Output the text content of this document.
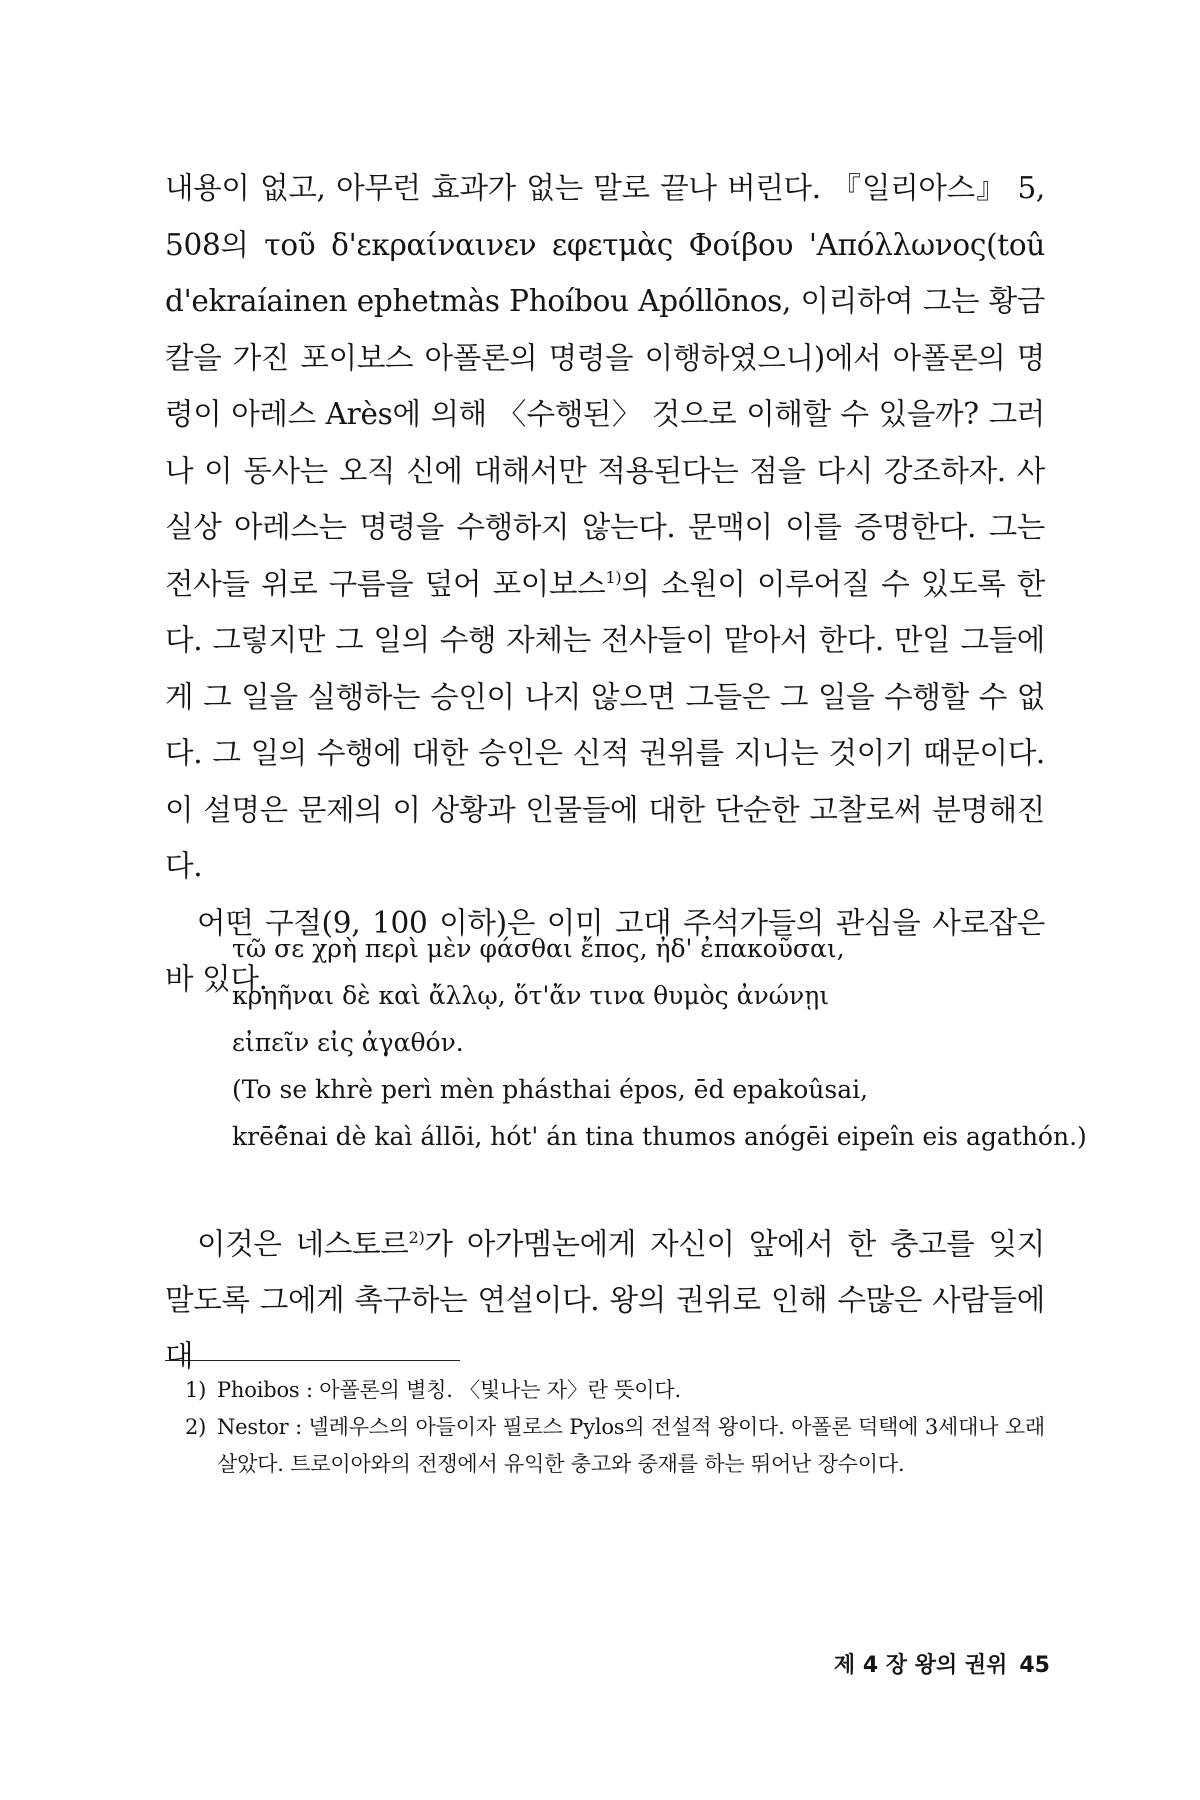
내용이 없고, 아무런 효과가 없는 말로 끝나 버린다. 『일리아스』 5, 508의 τοῦ δ'εκραίναινεν εφετμὰς Φοίβου 'Απόλλωνος(toû d'ekraíainen ephetmàs Phoíbou Apóllōnos, 이리하여 그는 황금칼을 가진 포이보스 아폴론의 명령을 이행하였으니)에서 아폴론의 명령이 아레스 Arès에 의해 〈수행된〉 것으로 이해할 수 있을까? 그러나 이 동사는 오직 신에 대해서만 적용된다는 점을 다시 강조하자. 사실상 아레스는 명령을 수행하지 않는다. 문맥이 이를 증명한다. 그는 전사들 위로 구름을 덮어 포이보스$^{1)}$의 소원이 이루어질 수 있도록 한다. 그렇지만 그 일의 수행 자체는 전사들이 맡아서 한다. 만일 그들에게 그 일을 실행하는 승인이 나지 않으면 그들은 그 일을 수행할 수 없다. 그 일의 수행에 대한 승인은 신적 권위를 지니는 것이기 때문이다. 이 설명은 문제의 이 상황과 인물들에 대한 단순한 고찰로써 분명해진다.

어떤 구절(9, 100 이하)은 이미 고대 주석가들의 관심을 사로잡은 바 있다.

τῶ σε χρὴ περὶ μὲν φάσθαι ἔπος, ἠδ' ἐπακοῦσαι,
κρηῆναι δὲ καὶ ἄλλῳ, ὅτ'ἄν τινα θυμὸς ἀνώνῃι
εἰπεῖν εἰς ἀγαθόν.
(To se khrè perì mèn phásthai épos, ēd epakoûsai,
krēê̄nai dè kaì állōi, hót' án tina thumos anógēi eipeîn eis agathón.)

이것은 네스토르$^{2)}$가 아가멤논에게 자신이 앞에서 한 충고를 잊지 말도록 그에게 촉구하는 연설이다. 왕의 권위로 인해 수많은 사람들에 대

1) Phoibos : 아폴론의 별칭. 〈빛나는 자〉란 뜻이다.
2) Nestor : 넬레우스의 아들이자 필로스 Pylos의 전설적 왕이다. 아폴론 덕택에 3세대나 오래 살았다. 트로이아와의 전쟁에서 유익한 충고와 중재를 하는 뛰어난 장수이다.
제 4 장 왕의 권위 45
